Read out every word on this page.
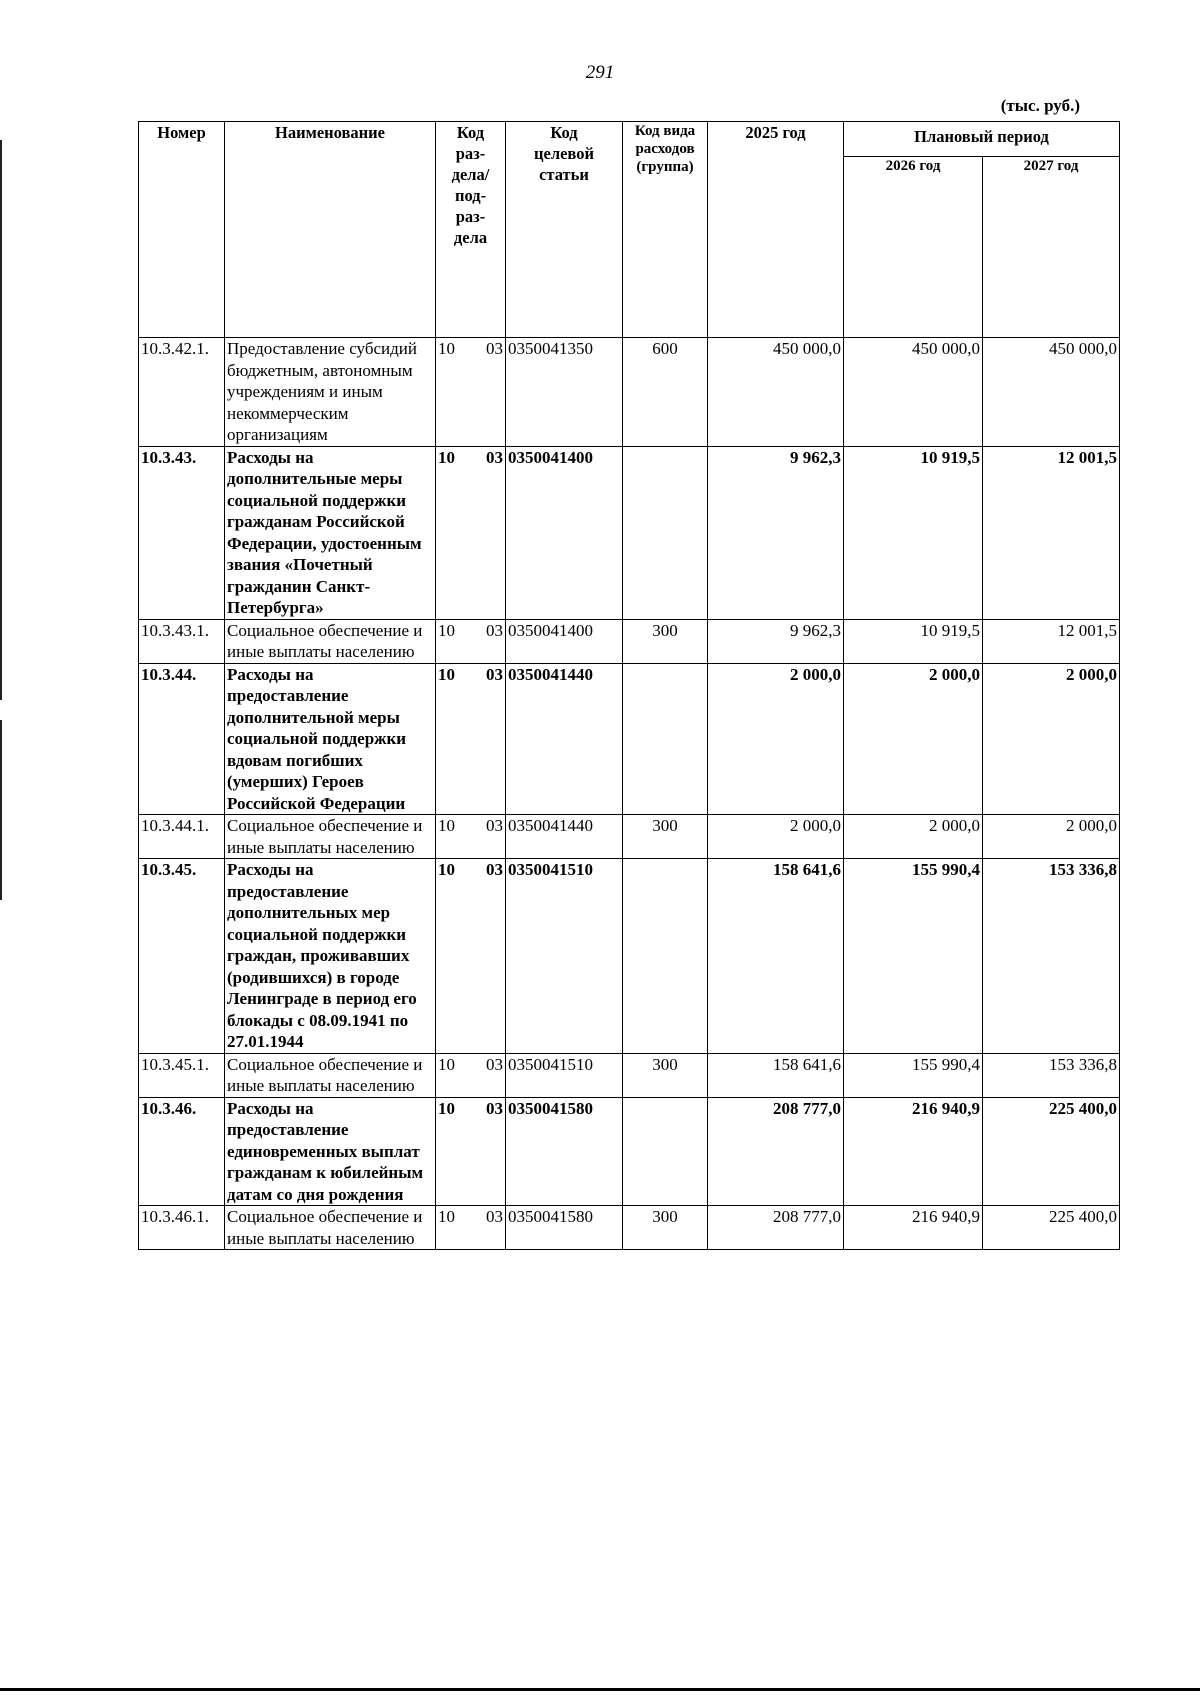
291
(тыс. руб.)
Номер	Наименование	Код раз- дела/ под- раз- дела	Код целевой статьи	Код вида расходов (группа)	2025 год	Плановый период	
						2026 год	2027 год
10.3.42.1.	Предоставление субсидий бюджетным, автономным учреждениям и иным некоммерческим организациям	10 03	0350041350	600	450 000,0	450 000,0	450 000,0
10.3.43.	Расходы на дополнительные меры социальной поддержки гражданам Российской Федерации, удостоенным звания «Почетный гражданин Санкт-Петербурга»	10 03	0350041400		9 962,3	10 919,5	12 001,5
10.3.43.1.	Социальное обеспечение и иные выплаты населению	10 03	0350041400	300	9 962,3	10 919,5	12 001,5
10.3.44.	Расходы на предоставление дополнительной меры социальной поддержки вдовам погибших (умерших) Героев Российской Федерации	10 03	0350041440		2 000,0	2 000,0	2 000,0
10.3.44.1.	Социальное обеспечение и иные выплаты населению	10 03	0350041440	300	2 000,0	2 000,0	2 000,0
10.3.45.	Расходы на предоставление дополнительных мер социальной поддержки граждан, проживавших (родившихся) в городе Ленинграде в период его блокады с 08.09.1941 по 27.01.1944	10 03	0350041510		158 641,6	155 990,4	153 336,8
10.3.45.1.	Социальное обеспечение и иные выплаты населению	10 03	0350041510	300	158 641,6	155 990,4	153 336,8
10.3.46.	Расходы на предоставление единовременных выплат гражданам к юбилейным датам со дня рождения	10 03	0350041580		208 777,0	216 940,9	225 400,0
10.3.46.1.	Социальное обеспечение и иные выплаты населению	10 03	0350041580	300	208 777,0	216 940,9	225 400,0
